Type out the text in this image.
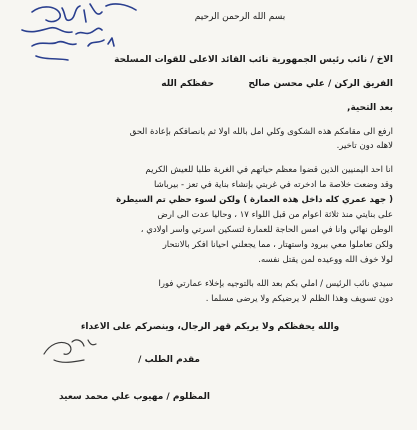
بسم الله الرحمن الرحيم
الاخ / نائب رئيس الجمهورية نائب القائد الاعلى للقوات المسلحة
الفريق الركن / علي محسن صالح
حفظكم الله
بعد التحية,
ارفع الى مقامكم هذه الشكوى وكلي امل بالله اولا ثم بانصافكم بإعادة الحق
لاهله دون تأخير.
انا احد اليمنيين الذين قضوا معظم حياتهم في الغربة طلبا للعيش الكريم
وقد وضعت خلاصة ما ادخرته في غربتي بإنشاء بناية في تعز - بيرباشا
( جهد عمري كله داخل هذه العمارة ) ولكن لسوء حظي تم السيطرة
على بنايتي منذ ثلاثة أعوام من قبل اللواء ١٧ ، وحاليا عدت الى ارض
الوطن نهائي وانا في امس الحاجة للعمارة لتسكين اسرتي وأسر أولادي ،
ولكن تعاملوا معي ببرود واستهتار ، مما يجعلني احيانا افكر بالانتحار
لولا خوف الله ووعيده لمن يقتل نفسه.
سيدي نائب الرئيس / املي بكم بعد الله بالتوجيه بإخلاء عمارتي فورا
دون تسويف وهذا الظلم لا يرضيكم ولا يرضى مسلماً .
والله يحفظكم ولا يريكم قهر الرجال، وينصركم على الأعداء
مقدم الطلب /
المظلوم / مهيوب علي محمد سعيد
